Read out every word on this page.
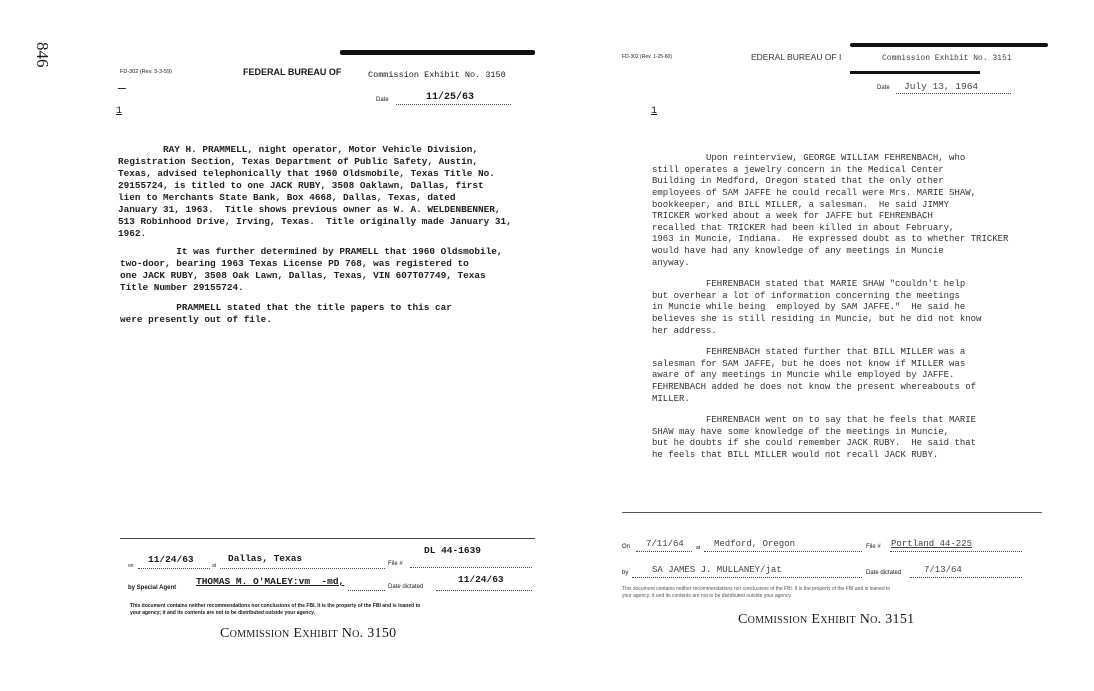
846
FD-302 (Rev. 3-3-59)	FEDERAL BUREAU OF	Commission Exhibit No. 3150
Date	11/25/63
1

RAY H. PRAMMELL, night operator, Motor Vehicle Division,
Registration Section, Texas Department of Public Safety, Austin,
Texas, advised telephonically that 1960 Oldsmobile, Texas Title No.
29155724, is titled to one JACK RUBY, 3508 Oaklawn, Dallas, first
lien to Merchants State Bank, Box 4668, Dallas, Texas, dated
January 31, 1963.  Title shows previous owner as W. A. WELDENBENNER,
513 Robinhood Drive, Irving, Texas.  Title originally made January 31,
1962.

It was further determined by PRAMELL that 1960 Oldsmobile,
two-door, bearing 1963 Texas License PD 768, was registered to
one JACK RUBY, 3508 Oak Lawn, Dallas, Texas, VIN 607T07749, Texas
Title Number 29155724.

PRAMMELL stated that the title papers to this car
were presently out of file.

on
11/24/63
at
Dallas, Texas	File #
DL 44-1639
by Special Agent
THOMAS M. O'MALEY:vm  -md,	Date dictated
11/24/63
This document contains neither recommendations nor conclusions of the FBI. It is the property of the FBI and is loaned to
your agency; it and its contents are not to be distributed outside your agency.
Commission Exhibit No. 3150
FD-302 (Rev. 1-25-60)	EDERAL BUREAU OF I	Commission Exhibit No. 3151
Date July 13, 1964
1

Upon reinterview, GEORGE WILLIAM FEHRENBACH, who
still operates a jewelry concern in the Medical Center
Building in Medford, Oregon stated that the only other
employees of SAM JAFFE he could recall were Mrs. MARIE SHAW,
bookkeeper, and BILL MILLER, a salesman.  He said JIMMY
TRICKER worked about a week for JAFFE but FEHRENBACH
recalled that TRICKER had been killed in about February,
1963 in Muncie, Indiana.  He expressed doubt as to whether TRICKER
would have had any knowledge of any meetings in Muncie
anyway.

FEHRENBACH stated that MARIE SHAW "couldn't help
but overhear a lot of information concerning the meetings
in Muncie while being  employed by SAM JAFFE."  He said he
believes she is still residing in Muncie, but he did not know
her address.

FEHRENBACH stated further that BILL MILLER was a
salesman for SAM JAFFE, but he does not know if MILLER was
aware of any meetings in Muncie while employed by JAFFE.
FEHRENBACH added he does not know the present whereabouts of
MILLER.

FEHRENBACH went on to say that he feels that MARIE
SHAW may have some knowledge of the meetings in Muncie,
but he doubts if she could remember JACK RUBY.  He said that
he feels that BILL MILLER would not recall JACK RUBY.

On 7/11/64 at Medford, Oregon	File # Portland 44-225
by	SA JAMES J. MULLANEY/jat	Date dictated	7/13/64
This document contains neither recommendations nor conclusions of the FBI. It is the property of the FBI and is loaned to
your agency; it and its contents are not to be distributed outside your agency.
Commission Exhibit No. 3151
